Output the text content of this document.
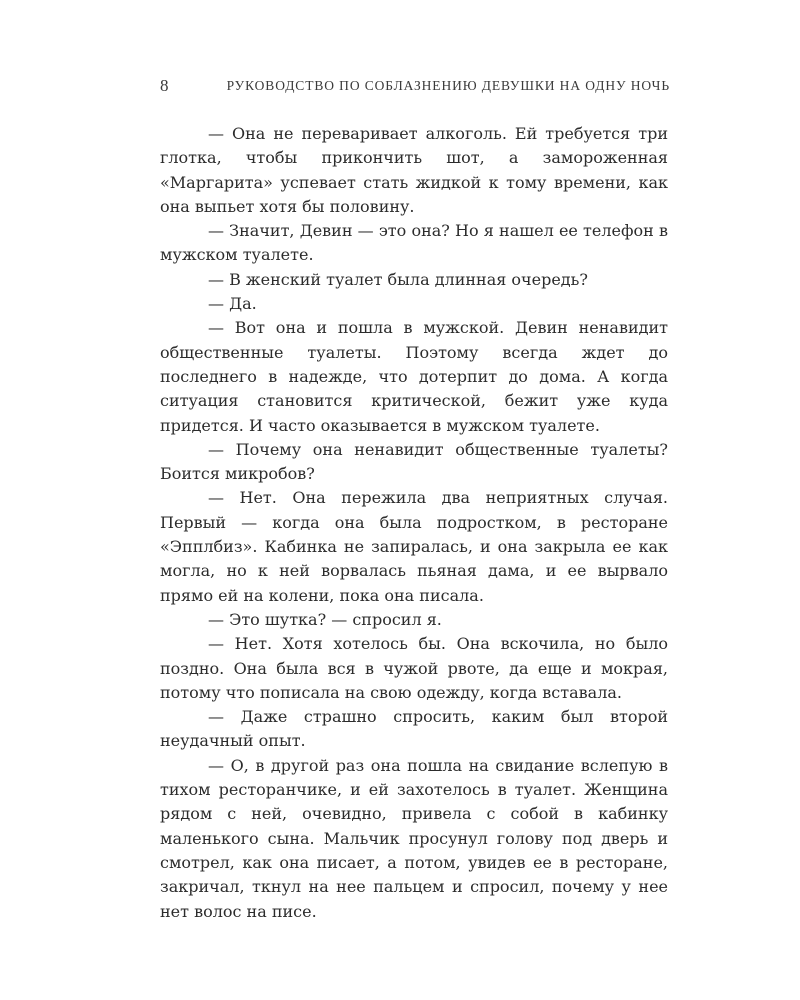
8	РУКОВОДСТВО ПО СОБЛАЗНЕНИЮ ДЕВУШКИ НА ОДНУ НОЧЬ

— Она не переваривает алкоголь. Ей требуется три глотка, чтобы прикончить шот, а замороженная «Маргарита» успевает стать жидкой к тому времени, как она выпьет хотя бы половину.

— Значит, Девин — это она? Но я нашел ее телефон в мужском туалете.

— В женский туалет была длинная очередь?

— Да.

— Вот она и пошла в мужской. Девин ненавидит общественные туалеты. Поэтому всегда ждет до последнего в надежде, что дотерпит до дома. А когда ситуация становится критической, бежит уже куда придется. И часто оказывается в мужском туалете.

— Почему она ненавидит общественные туалеты? Боится микробов?

— Нет. Она пережила два неприятных случая. Первый — когда она была подростком, в ресторане «Эпплбиз». Кабинка не запиралась, и она закрыла ее как могла, но к ней ворвалась пьяная дама, и ее вырвало прямо ей на колени, пока она писала.

— Это шутка? — спросил я.

— Нет. Хотя хотелось бы. Она вскочила, но было поздно. Она была вся в чужой рвоте, да еще и мокрая, потому что пописала на свою одежду, когда вставала.

— Даже страшно спросить, каким был второй неудачный опыт.

— О, в другой раз она пошла на свидание вслепую в тихом ресторанчике, и ей захотелось в туалет. Женщина рядом с ней, очевидно, привела с собой в кабинку маленького сына. Мальчик просунул голову под дверь и смотрел, как она писает, а потом, увидев ее в ресторане, закричал, ткнул на нее пальцем и спросил, почему у нее нет волос на писе.
